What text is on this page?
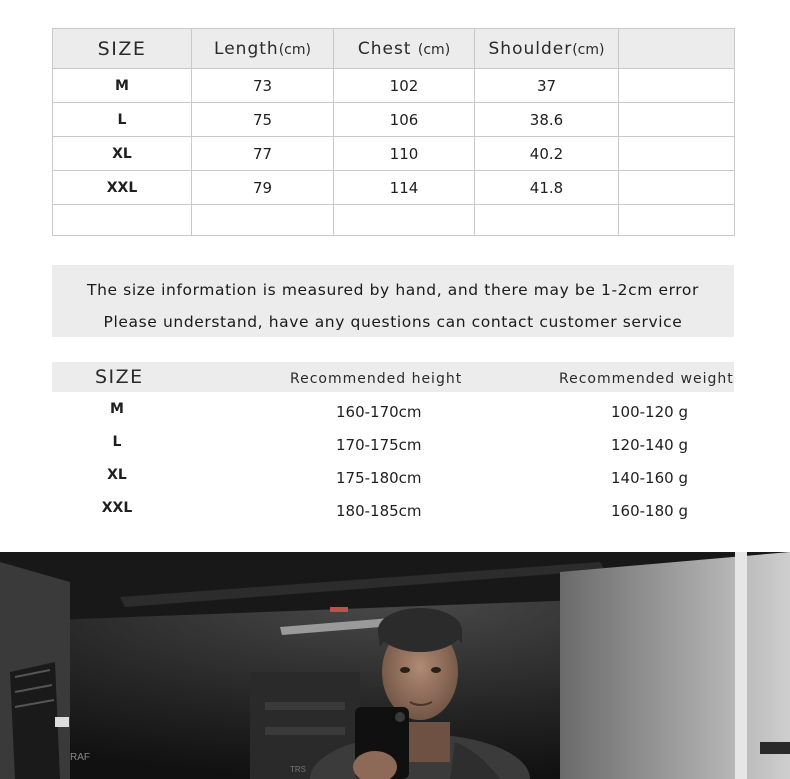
SIZE	Length(cm)	Chest (cm)	Shoulder(cm)	
M	73	102	37	
L	75	106	38.6	
XL	77	110	40.2	
XXL	79	114	41.8	

The size information is measured by hand, and there may be 1-2cm error
Please understand, have any questions can contact customer service
SIZE	Recommended height	Recommended weight
M	160-170cm	100-120 g
L	170-175cm	120-140 g
XL	175-180cm	140-160 g
XXL	180-185cm	160-180 g
RAF
TRS
